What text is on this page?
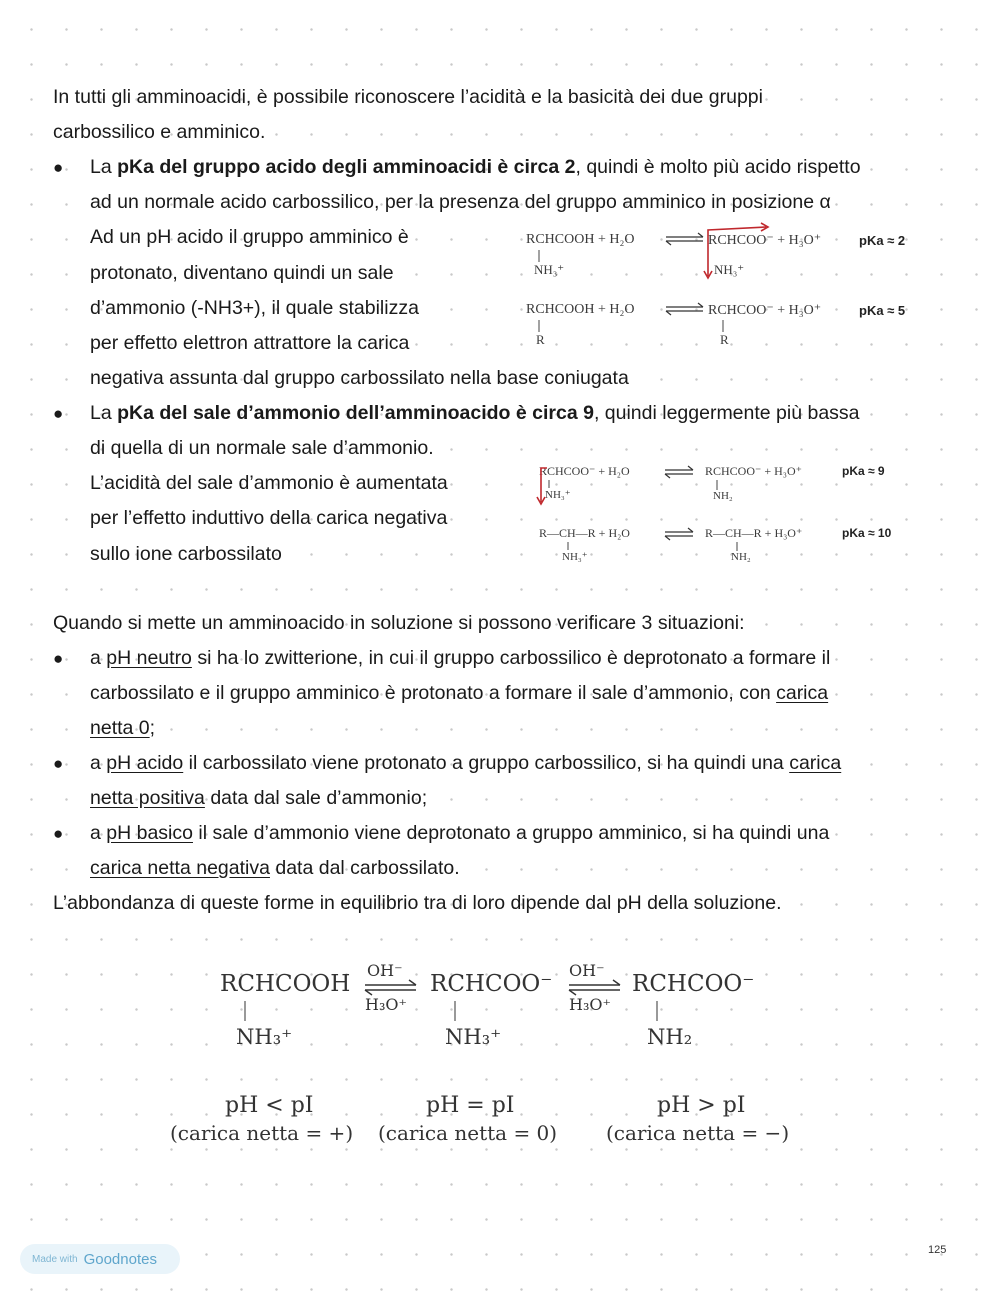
In tutti gli amminoacidi, è possibile riconoscere l’acidità e la basicità dei due gruppi
carbossilico e amminico.
● La pKa del gruppo acido degli amminoacidi è circa 2, quindi è molto più acido rispetto
ad un normale acido carbossilico, per la presenza del gruppo amminico in posizione α
Ad un pH acido il gruppo amminico è
protonato, diventano quindi un sale
d’ammonio (-NH3+), il quale stabilizza
per effetto elettron attrattore la carica
negativa assunta dal gruppo carbossilato nella base coniugata
RCHCOOH + H₂O
NH₃⁺
RCHCOO⁻ + H₃O⁺
NH₃⁺
pKa ≈ 2
RCHCOOH + H₂O
R
RCHCOO⁻ + H₃O⁺
R
pKa ≈ 5
● La pKa del sale d’ammonio dell’amminoacido è circa 9, quindi leggermente più bassa
di quella di un normale sale d’ammonio.
L’acidità del sale d’ammonio è aumentata
per l’effetto induttivo della carica negativa
sullo ione carbossilato
RCHCOO⁻ + H₂O
NH₃⁺
RCHCOO⁻ + H₃O⁺
NH₂
pKa ≈ 9
R—CH—R + H₂O
NH₃⁺
R—CH—R + H₃O⁺
NH₂
pKa ≈ 10
Quando si mette un amminoacido in soluzione si possono verificare 3 situazioni:
● a pH neutro si ha lo zwitterione, in cui il gruppo carbossilico è deprotonato a formare il
carbossilato e il gruppo amminico è protonato a formare il sale d’ammonio, con carica
netta 0;
● a pH acido il carbossilato viene protonato a gruppo carbossilico, si ha quindi una carica
netta positiva data dal sale d’ammonio;
● a pH basico il sale d’ammonio viene deprotonato a gruppo amminico, si ha quindi una
carica netta negativa data dal carbossilato.
L’abbondanza di queste forme in equilibrio tra di loro dipende dal pH della soluzione.
RCHCOOH
NH₃⁺
OH⁻
H₃O⁺
RCHCOO⁻
NH₃⁺
OH⁻
H₃O⁺
RCHCOO⁻
NH₂
pH < pI
(carica netta = +)
pH = pI
(carica netta = 0)
pH > pI
(carica netta = −)
Made with Goodnotes
125
